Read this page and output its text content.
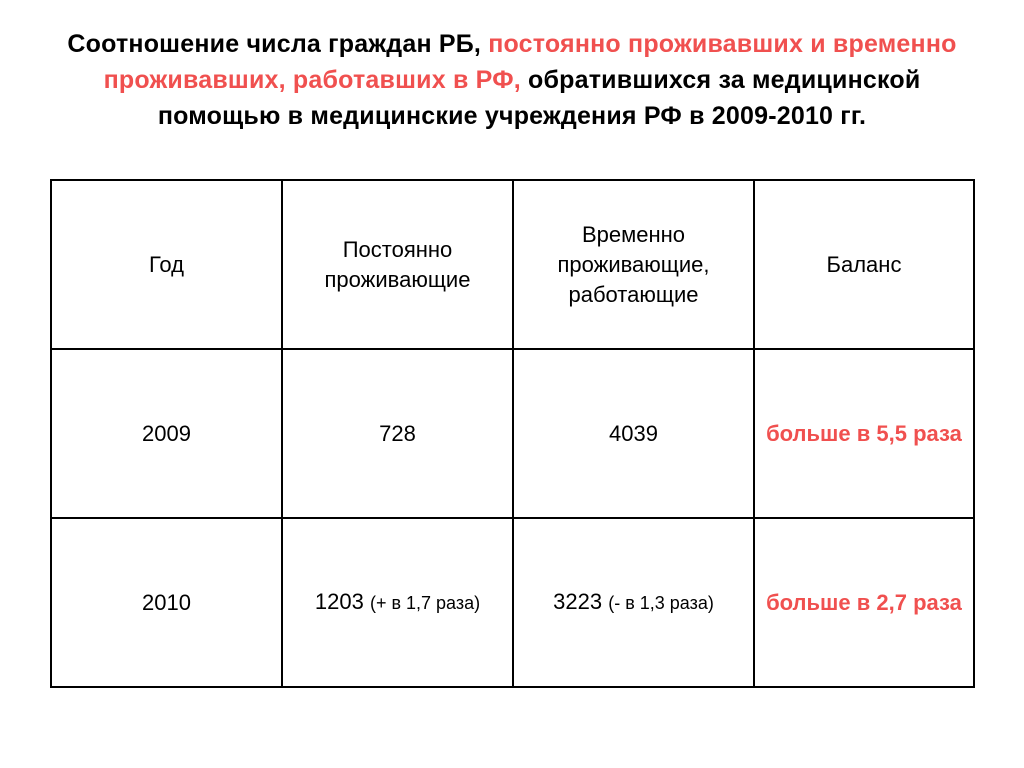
Соотношение числа граждан РБ, постоянно проживавших и временно проживавших, работавших в РФ, обратившихся за медицинской помощью в медицинские учреждения РФ в 2009-2010 гг.
Год	Постоянно проживающие	Временно проживающие, работающие	Баланс
2009	728	4039	больше в 5,5 раза
2010	1203 (+ в 1,7 раза)	3223 (- в 1,3 раза)	больше в 2,7 раза
